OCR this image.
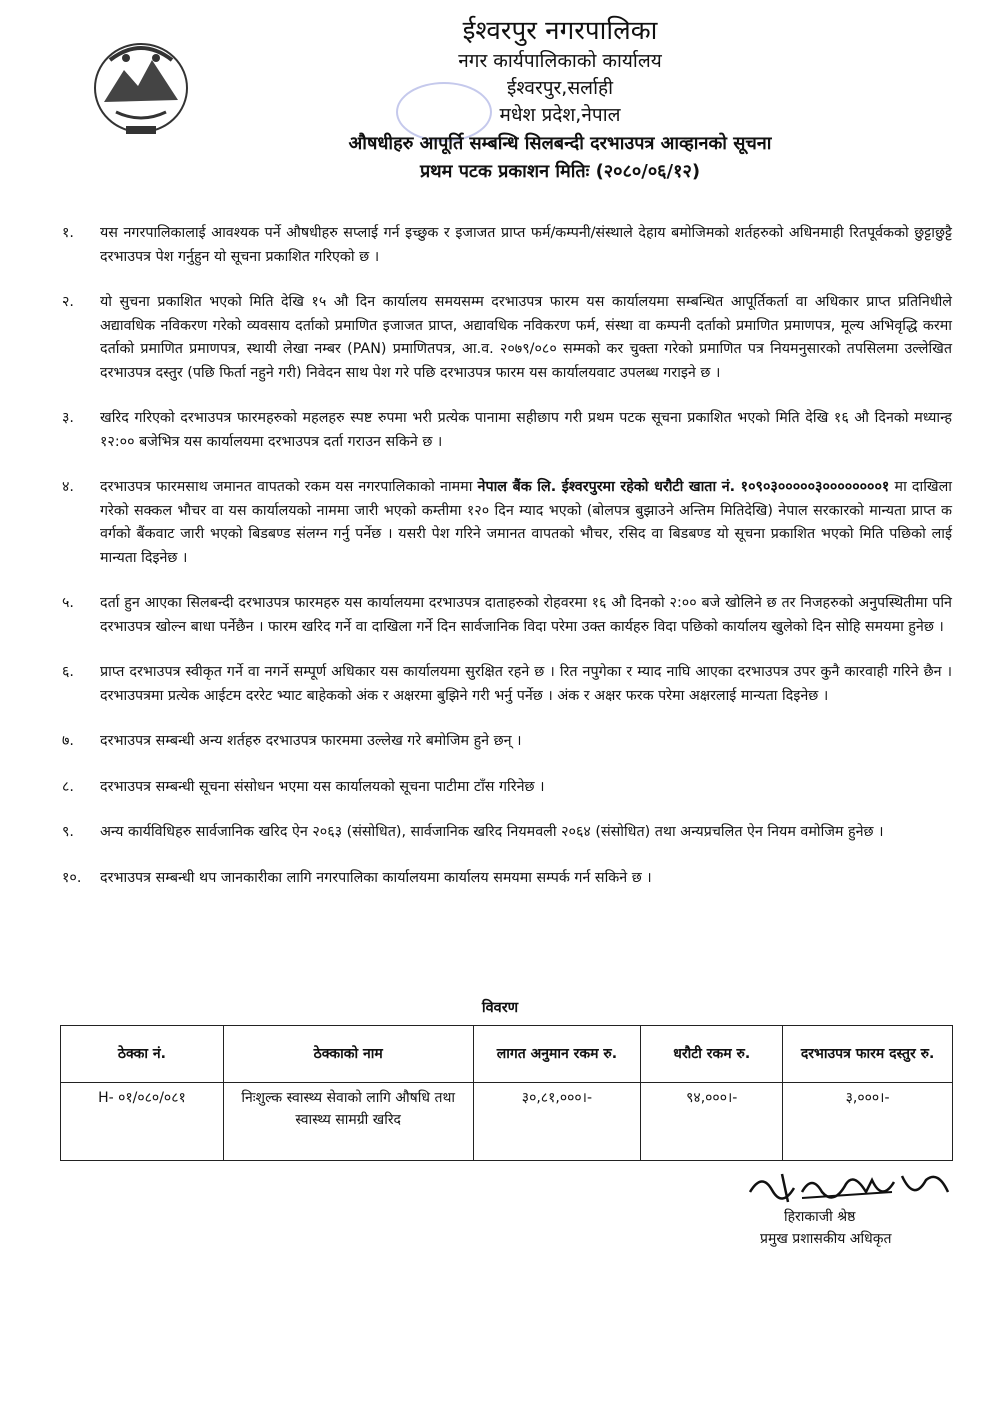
ईश्वरपुर नगरपालिका
नगर कार्यपालिकाको कार्यालय
ईश्वरपुर,सर्लाही
मधेश प्रदेश,नेपाल
औषधीहरु आपूर्ति सम्बन्धि सिलबन्दी दरभाउपत्र आव्हानको सूचना
प्रथम पटक प्रकाशन मितिः (२०८०/०६/१२)
१. यस नगरपालिकालाई आवश्यक पर्ने औषधीहरु सप्लाई गर्न इच्छुक र इजाजत प्राप्त फर्म/कम्पनी/संस्थाले देहाय बमोजिमको शर्तहरुको अधिनमाही रितपूर्वकको छुट्टाछुट्टै दरभाउपत्र पेश गर्नुहुन यो सूचना प्रकाशित गरिएको छ ।
२. यो सुचना प्रकाशित भएको मिति देखि १५ औ दिन कार्यालय समयसम्म दरभाउपत्र फारम यस कार्यालयमा सम्बन्धित आपूर्तिकर्ता वा अधिकार प्राप्त प्रतिनिधीले अद्यावधिक नविकरण गरेको व्यवसाय दर्ताको प्रमाणित इजाजत प्राप्त, अद्यावधिक नविकरण फर्म, संस्था वा कम्पनी दर्ताको प्रमाणित प्रमाणपत्र, मूल्य अभिवृद्धि करमा दर्ताको प्रमाणित प्रमाणपत्र, स्थायी लेखा नम्बर (PAN) प्रमाणितपत्र, आ.व. २०७९/०८० सम्मको कर चुक्ता गरेको प्रमाणित पत्र नियमनुसारको तपसिलमा उल्लेखित दरभाउपत्र दस्तुर (पछि फिर्ता नहुने गरी) निवेदन साथ पेश गरे पछि दरभाउपत्र फारम यस कार्यालयवाट उपलब्ध गराइने छ ।
३. खरिद गरिएको दरभाउपत्र फारमहरुको महलहरु स्पष्ट रुपमा भरी प्रत्येक पानामा सहीछाप गरी प्रथम पटक सूचना प्रकाशित भएको मिति देखि १६ औ दिनको मध्यान्ह १२:०० बजेभित्र यस कार्यालयमा दरभाउपत्र दर्ता गराउन सकिने छ ।
४. दरभाउपत्र फारमसाथ जमानत वापतको रकम यस नगरपालिकाको नाममा नेपाल बैंक लि. ईश्वरपुरमा रहेको धरौटी खाता नं. १०९०३०००००३००००००००१ मा दाखिला गरेको सक्कल भौचर वा यस कार्यालयको नाममा जारी भएको कम्तीमा १२० दिन म्याद भएको (बोलपत्र बुझाउने अन्तिम मितिदेखि) नेपाल सरकारको मान्यता प्राप्त क वर्गको बैंकवाट जारी भएको बिडबण्ड संलग्न गर्नु पर्नेछ । यसरी पेश गरिने जमानत वापतको भौचर, रसिद वा बिडबण्ड यो सूचना प्रकाशित भएको मिति पछिको लाई मान्यता दिइनेछ ।
५. दर्ता हुन आएका सिलबन्दी दरभाउपत्र फारमहरु यस कार्यालयमा दरभाउपत्र दाताहरुको रोहवरमा १६ औ दिनको २:०० बजे खोलिने छ तर निजहरुको अनुपस्थितीमा पनि दरभाउपत्र खोल्न बाधा पर्नेछैन । फारम खरिद गर्ने वा दाखिला गर्ने दिन सार्वजानिक विदा परेमा उक्त कार्यहरु विदा पछिको कार्यालय खुलेको दिन सोहि समयमा हुनेछ ।
६. प्राप्त दरभाउपत्र स्वीकृत गर्ने वा नगर्ने सम्पूर्ण अधिकार यस कार्यालयमा सुरक्षित रहने छ । रित नपुगेका र म्याद नाघि आएका दरभाउपत्र उपर कुनै कारवाही गरिने छैन । दरभाउपत्रमा प्रत्येक आईटम दररेट भ्याट बाहेकको अंक र अक्षरमा बुझिने गरी भर्नु पर्नेछ । अंक र अक्षर फरक परेमा अक्षरलाई मान्यता दिइनेछ ।
७. दरभाउपत्र सम्बन्धी अन्य शर्तहरु दरभाउपत्र फारममा उल्लेख गरे बमोजिम हुने छन् ।
८. दरभाउपत्र सम्बन्धी सूचना संसोधन भएमा यस कार्यालयको सूचना पाटीमा टाँस गरिनेछ ।
९. अन्य कार्यविधिहरु सार्वजानिक खरिद ऐन २०६३ (संसोधित), सार्वजानिक खरिद नियमवली २०६४ (संसोधित) तथा अन्यप्रचलित ऐन नियम वमोजिम हुनेछ ।
१०. दरभाउपत्र सम्बन्धी थप जानकारीका लागि नगरपालिका कार्यालयमा कार्यालय समयमा सम्पर्क गर्न सकिने छ ।
विवरण
ठेक्का नं.	ठेक्काको नाम	लागत अनुमान रकम रु.	धरौटी रकम रु.	दरभाउपत्र फारम दस्तुर रु.
H- ०१/०८०/०८१	निःशुल्क स्वास्थ्य सेवाको लागि औषधि तथा स्वास्थ्य सामग्री खरिद	३०,८१,०००।-	९४,०००।-	३,०००।-
हिराकाजी श्रेष्ठ
प्रमुख प्रशासकीय अधिकृत
